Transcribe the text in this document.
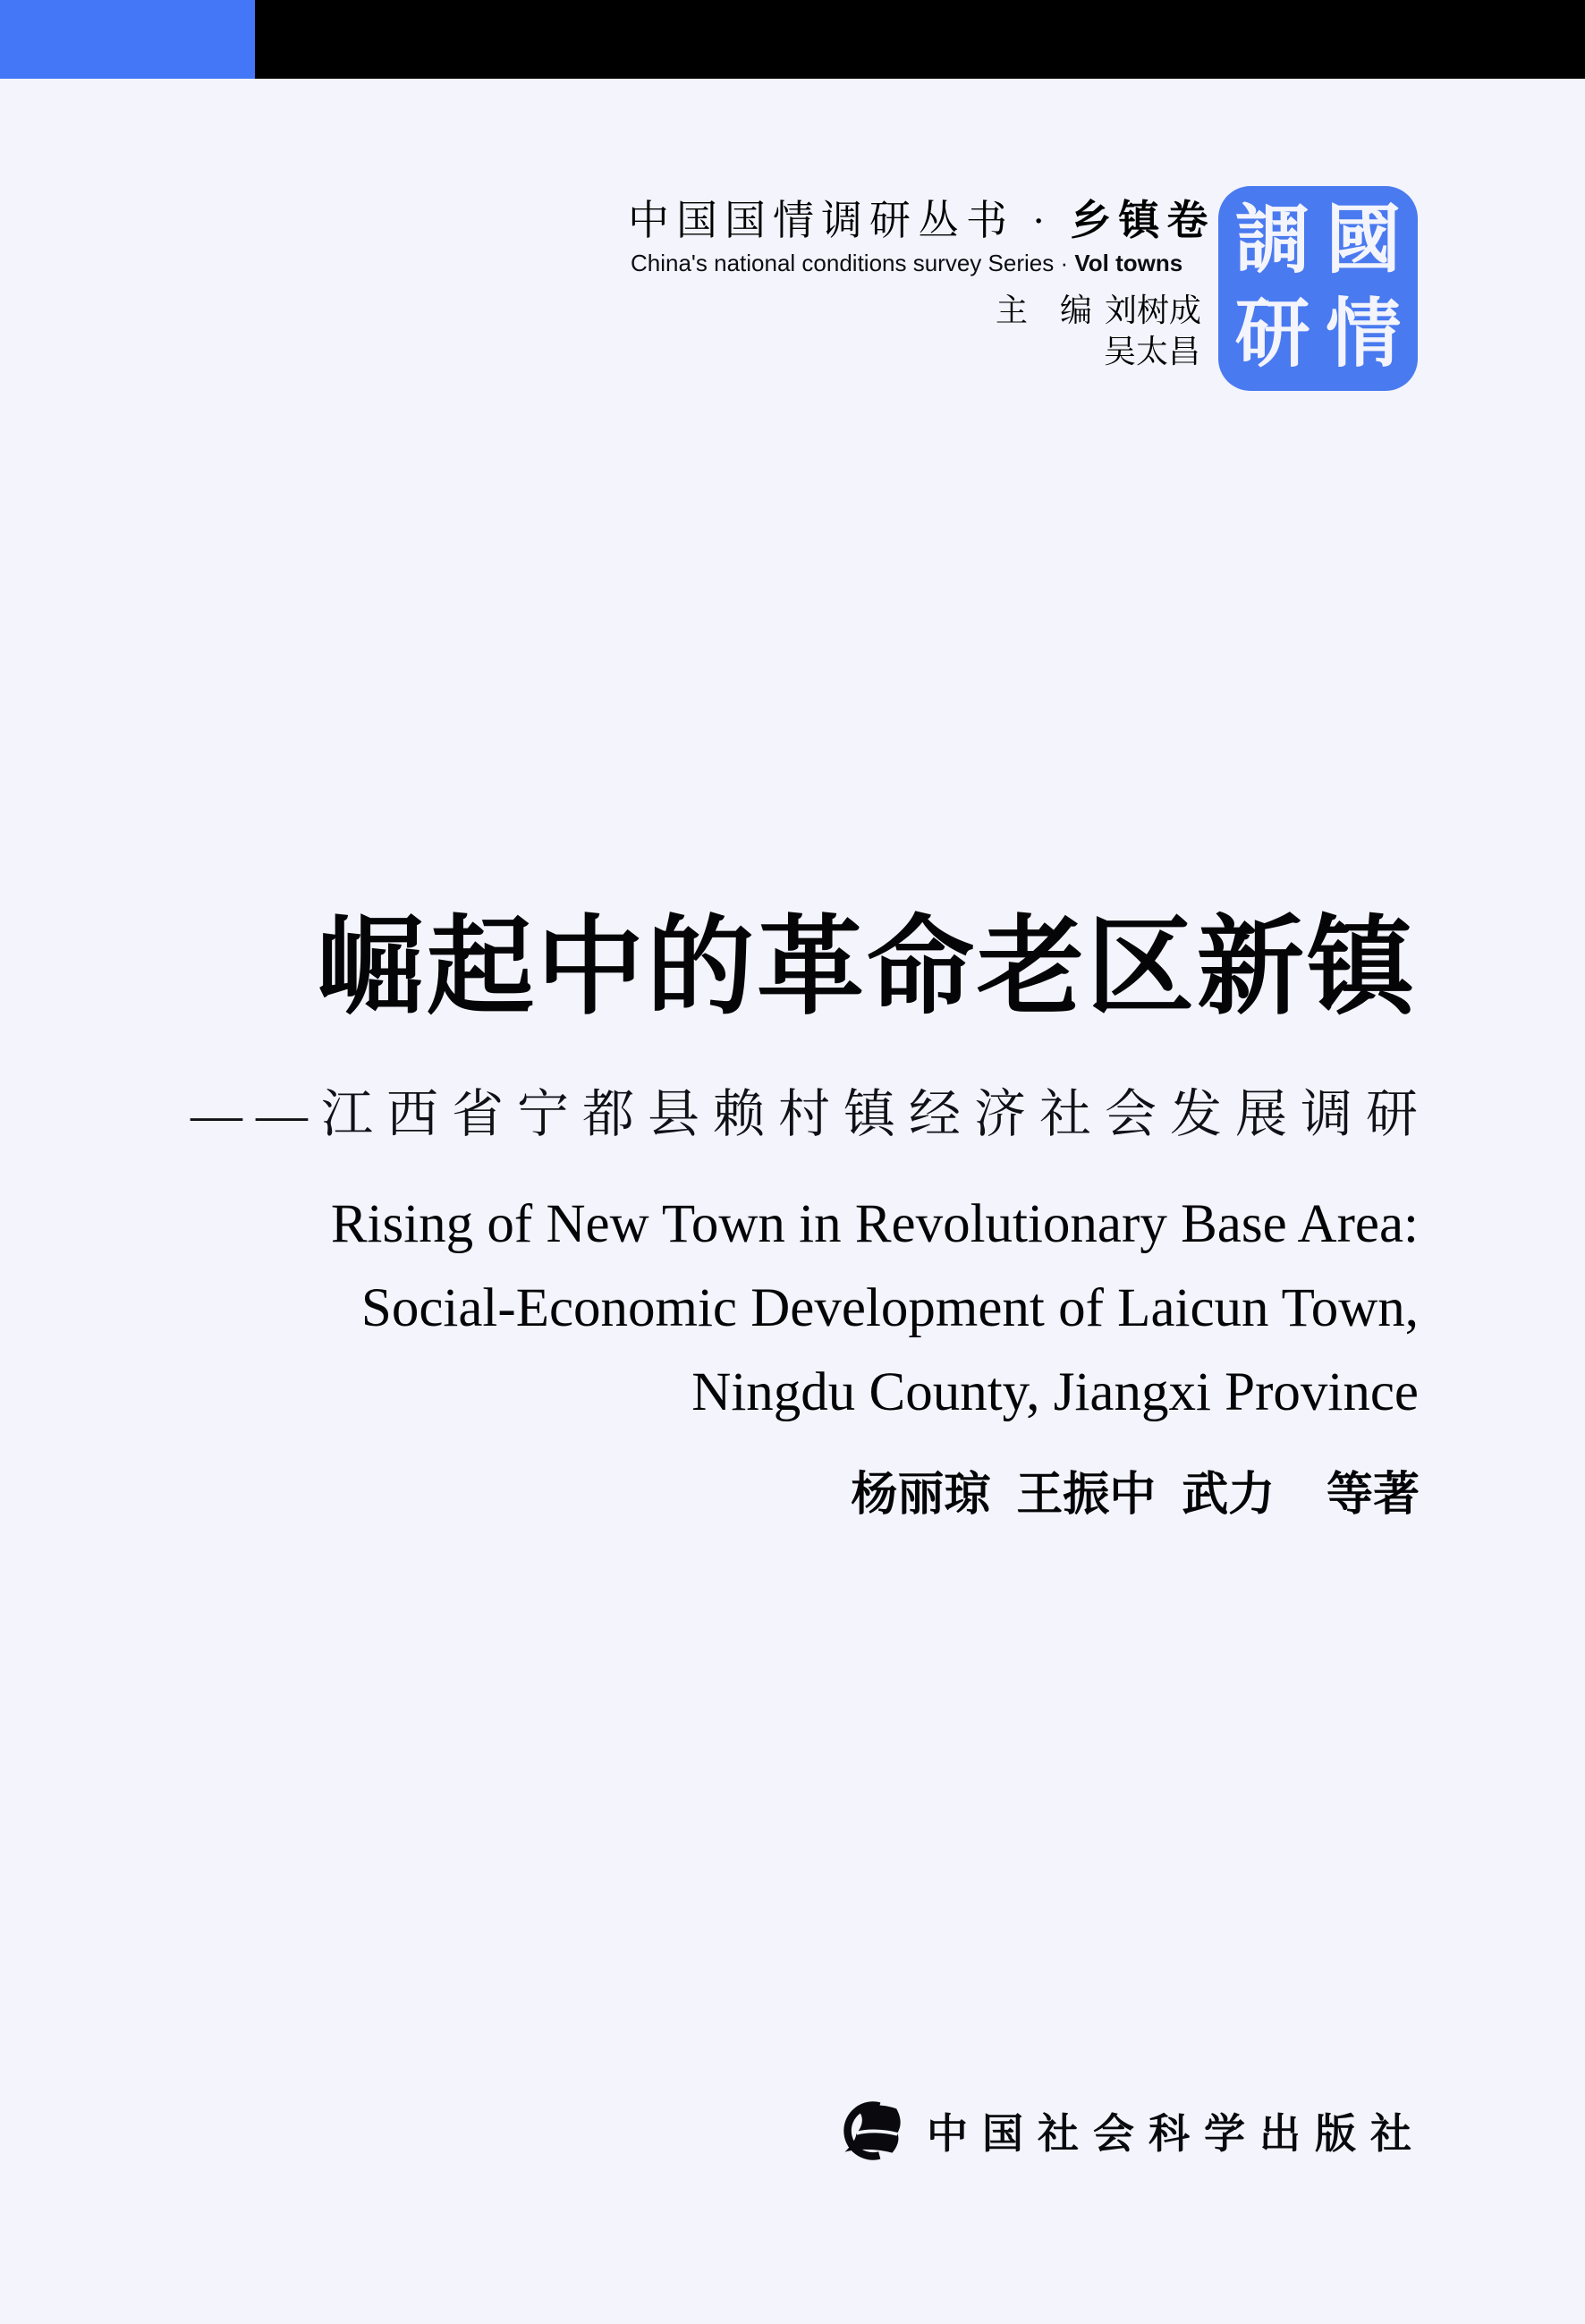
中国国情调研丛书 · 乡镇卷
China's national conditions survey Series · Vol towns
主　编 刘树成
吴太昌
調 國
研 情
崛起中的革命老区新镇
——江西省宁都县赖村镇经济社会发展调研
Rising of New Town in Revolutionary Base Area:
Social-Economic Development of Laicun Town,
Ningdu County, Jiangxi Province
杨丽琼  王振中  武力    等著
中国社会科学出版社
